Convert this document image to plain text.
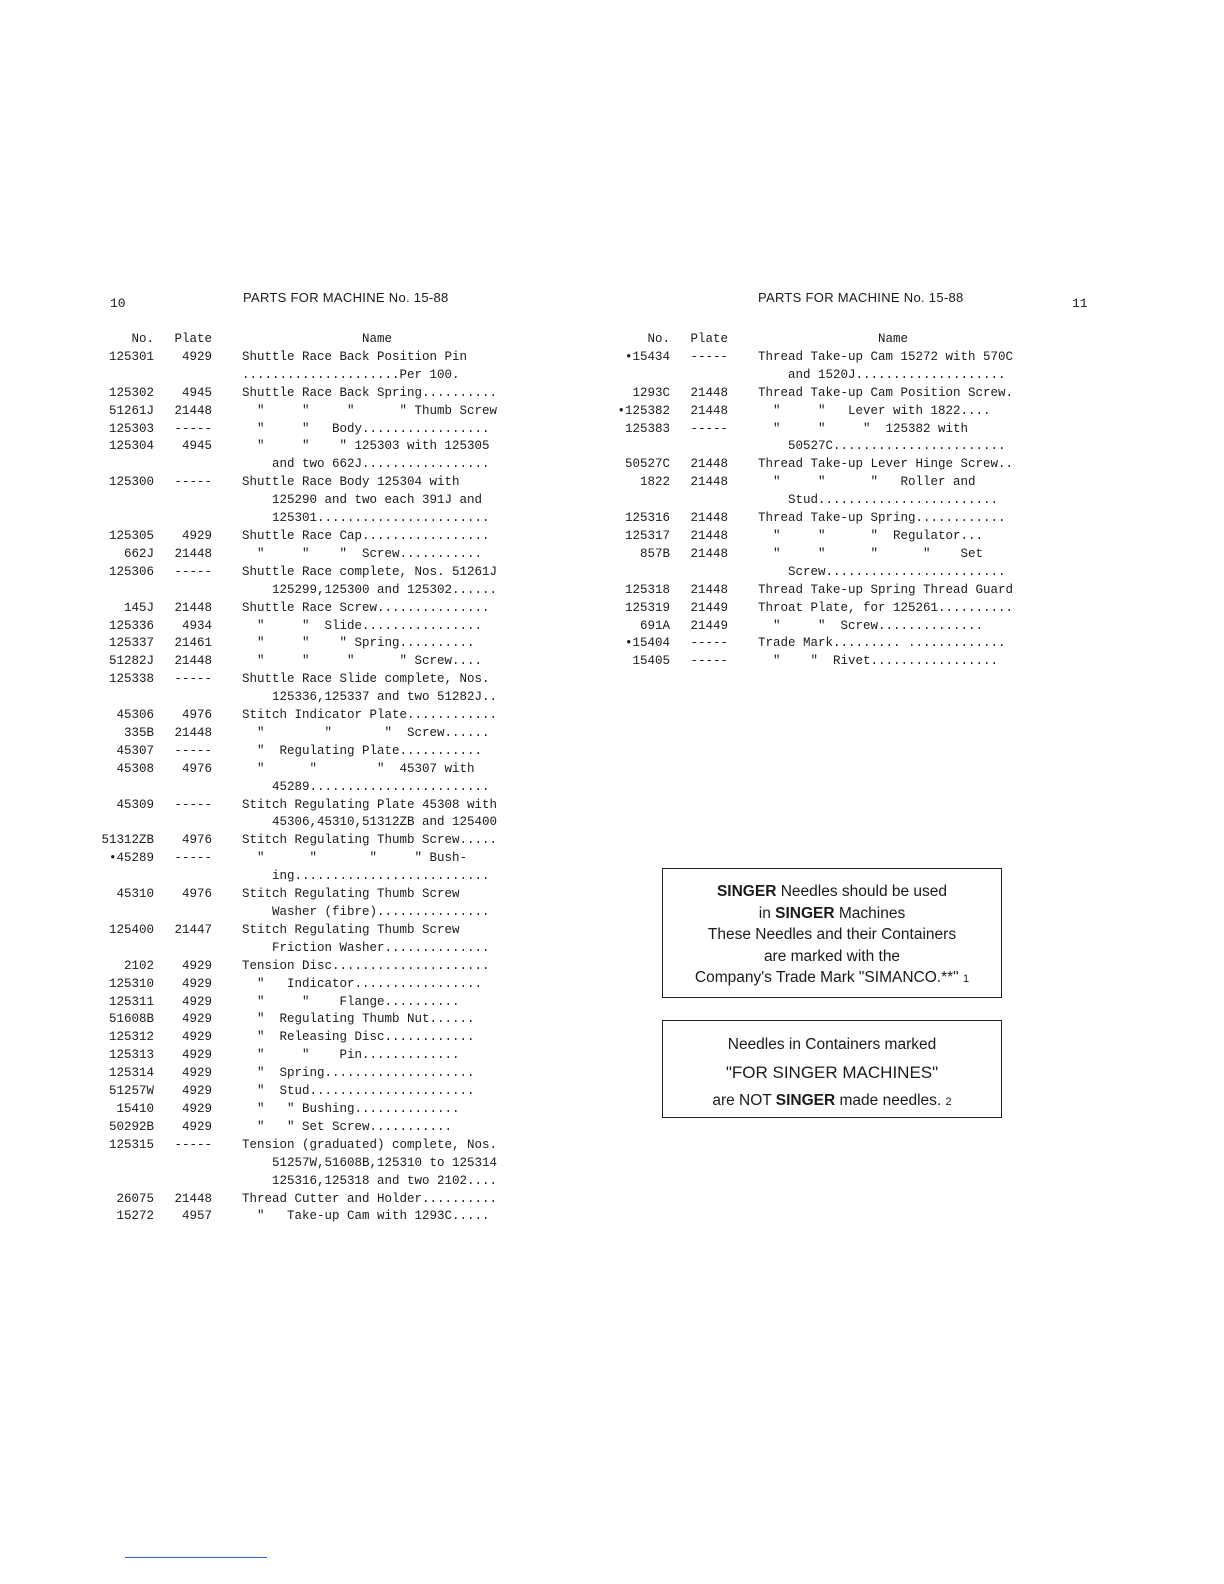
10	PARTS FOR MACHINE No. 15-88
No.	Plate	Name
125301	4929 Shuttle Race Back Position Pin
.....................Per 100.
125302	4945 Shuttle Race Back Spring..........
51261J	21448 "     "     "      " Thumb Screw
125303	----- "     "   Body.................
125304	4945 "     "    " 125303 with 125305
and two 662J.................
125300	----- Shuttle Race Body 125304 with
125290 and two each 391J and
125301.......................
125305	4929 Shuttle Race Cap.................
662J	21448 "     "    "  Screw...........
125306	----- Shuttle Race complete, Nos. 51261J
125299,125300 and 125302......
145J	21448 Shuttle Race Screw...............
125336	4934 "     "  Slide................
125337	21461 "     "    " Spring..........
51282J	21448 "     "     "      " Screw....
125338	----- Shuttle Race Slide complete, Nos.
125336,125337 and two 51282J..
45306	4976 Stitch Indicator Plate............
335B	21448 "        "       "  Screw......
45307	----- "  Regulating Plate...........
45308	4976 "      "        "  45307 with
45289........................
45309	----- Stitch Regulating Plate 45308 with
45306,45310,51312ZB and 125400
51312ZB	4976 Stitch Regulating Thumb Screw.....
•45289	----- "      "       "     " Bush-
ing..........................
45310	4976 Stitch Regulating Thumb Screw
Washer (fibre)...............
125400	21447 Stitch Regulating Thumb Screw
Friction Washer..............
2102	4929 Tension Disc.....................
125310	4929 "   Indicator.................
125311	4929 "     "    Flange..........
51608B	4929 "  Regulating Thumb Nut......
125312	4929 "  Releasing Disc............
125313	4929 "     "    Pin.............
125314	4929 "  Spring....................
51257W	4929 "  Stud......................
15410	4929 "   " Bushing..............
50292B	4929 "   " Set Screw...........
125315	----- Tension (graduated) complete, Nos.
51257W,51608B,125310 to 125314
125316,125318 and two 2102....
26075	21448 Thread Cutter and Holder..........
15272	4957 "   Take-up Cam with 1293C.....
PARTS FOR MACHINE No. 15-88	11
No.	Plate	Name
•15434	----- Thread Take-up Cam 15272 with 570C
and 1520J....................
1293C	21448 Thread Take-up Cam Position Screw.
•125382	21448 "     "   Lever with 1822....
125383	----- "     "     "  125382 with
50527C.......................
50527C	21448 Thread Take-up Lever Hinge Screw..
1822	21448 "     "      "   Roller and
Stud........................
125316	21448 Thread Take-up Spring............
125317	21448 "     "      "  Regulator...
857B	21448 "     "      "      "    Set
Screw........................
125318	21448 Thread Take-up Spring Thread Guard
125319	21449 Throat Plate, for 125261..........
691A	21449 "     "  Screw..............
•15404	----- Trade Mark......... .............
15405	----- "    "  Rivet.................
SINGER Needles should be used
in SINGER Machines
These Needles and their Containers
are marked with the
Company's Trade Mark "SIMANCO.**" 1
Needles in Containers marked
"FOR SINGER MACHINES"
are NOT SINGER made needles. 2
